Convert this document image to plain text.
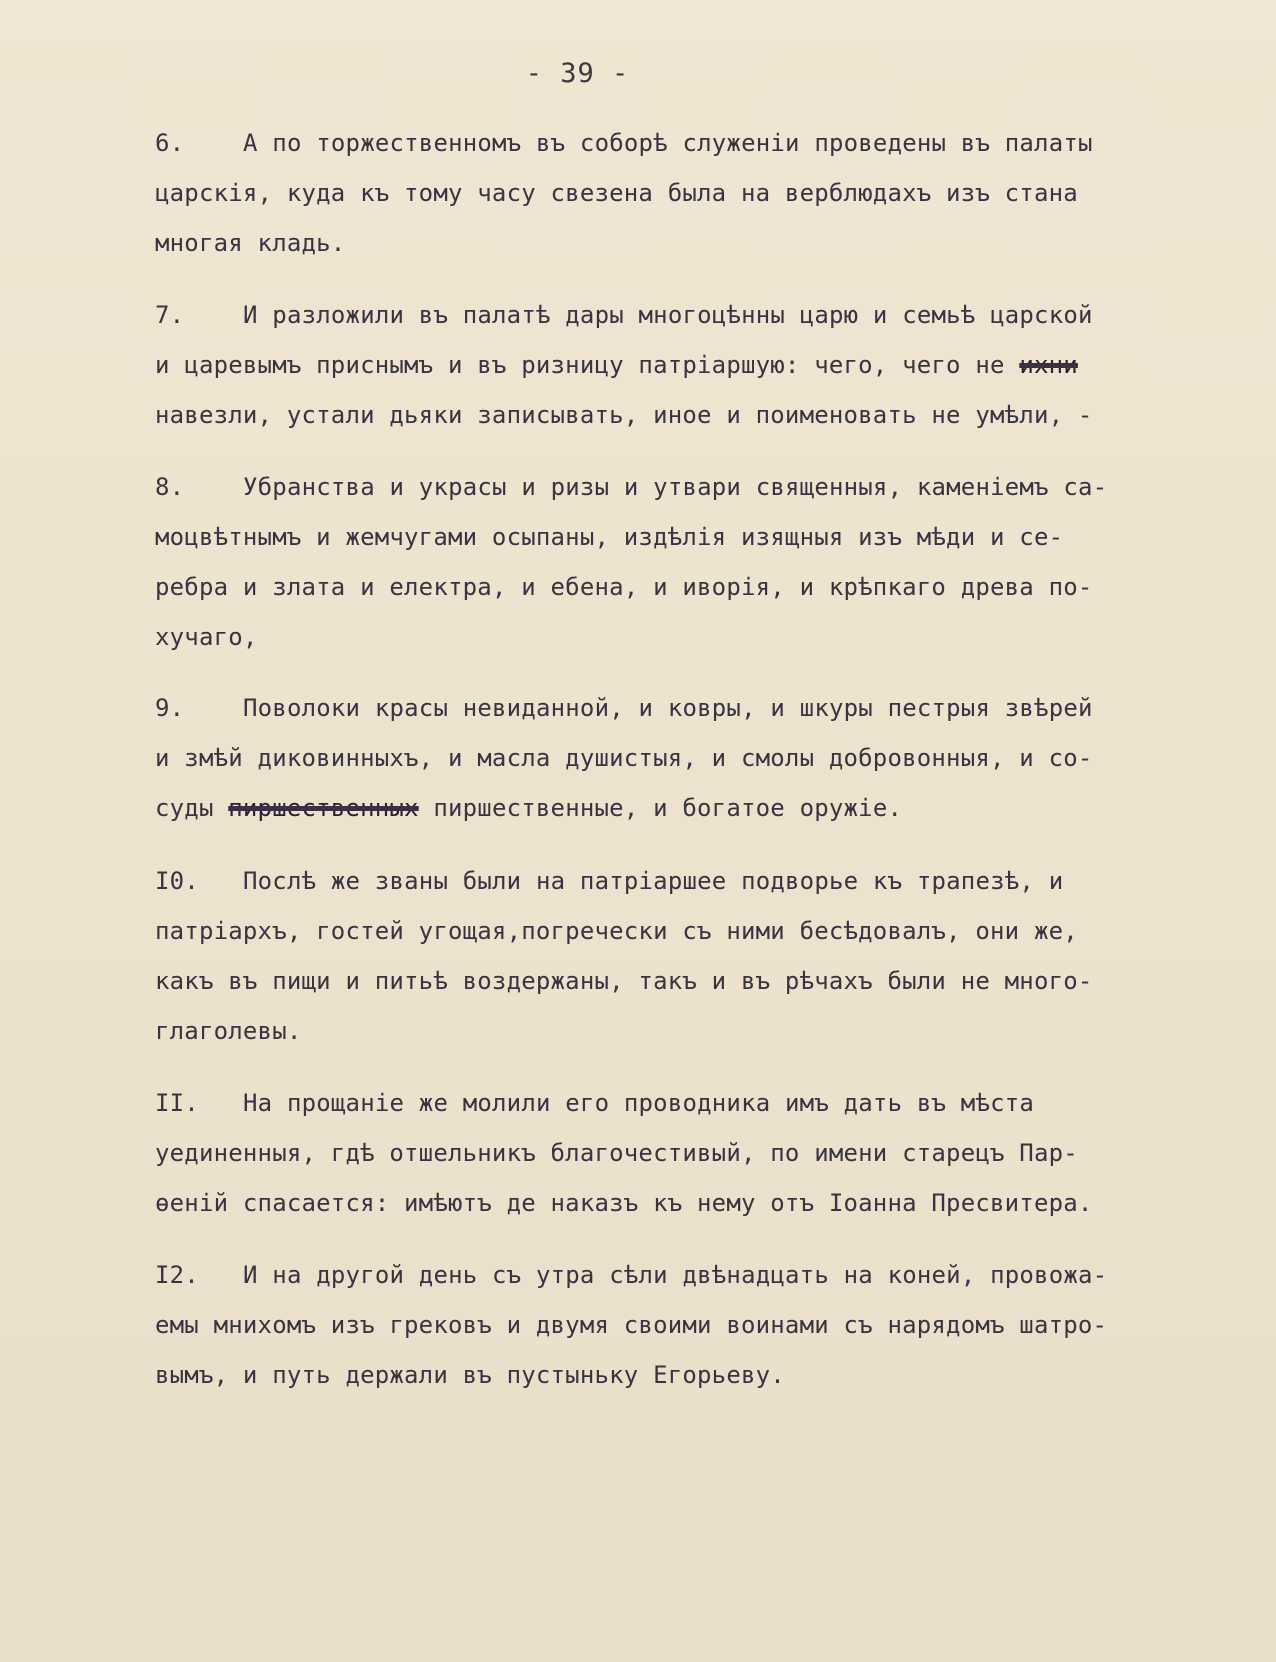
- 39 -
6. А по торжественномъ въ соборѣ служеніи проведены въ палаты
царскія, куда къ тому часу свезена была на верблюдахъ изъ стана
многая кладь.
7. И разложили въ палатѣ дары многоцѣнны царю и семьѣ царской
и царевымъ приснымъ и въ ризницу патріаршую: чего, чего не ихни
навезли, устали дьяки записывать, иное и поименовать не умѣли, -
8. Убранства и украсы и ризы и утвари священныя, каменіемъ са-
моцвѣтнымъ и жемчугами осыпаны, издѣлія изящныя изъ мѣди и се-
ребра и злата и електра, и ебена, и иворія, и крѣпкаго древа по-
хучаго,
9. Поволоки красы невиданной, и ковры, и шкуры пестрыя звѣрей
и змѣй диковинныхъ, и масла душистыя, и смолы добровонныя, и со-
суды пиршественных пиршественные, и богатое оружіе.
I0. Послѣ же званы были на патріаршее подворье къ трапезѣ, и
патріархъ, гостей угощая,погречески съ ними бесѣдовалъ, они же,
какъ въ пищи и питьѣ воздержаны, такъ и въ рѣчахъ были не много-
глаголевы.
II. На прощаніе же молили его проводника имъ дать въ мѣста
уединенныя, гдѣ отшельникъ благочестивый, по имени старецъ Пар-
ѳеній спасается: имѣютъ де наказъ къ нему отъ Іоанна Пресвитера.
I2. И на другой день съ утра сѣли двѣнадцать на коней, провожа-
емы мнихомъ изъ грековъ и двумя своими воинами съ нарядомъ шатро-
вымъ, и путь держали въ пустыньку Егорьеву.
